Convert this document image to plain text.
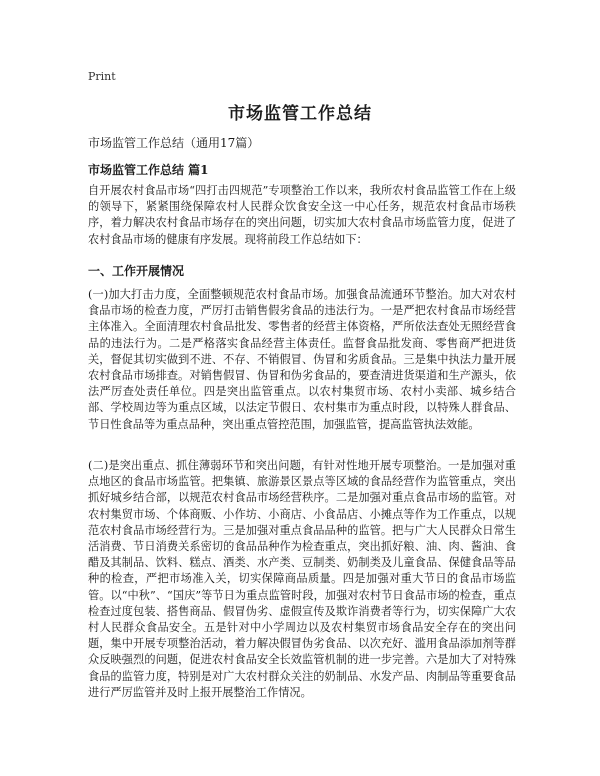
Print
市场监管工作总结
市场监管工作总结（通用17篇）
市场监管工作总结 篇1
自开展农村食品市场“四打击四规范”专项整治工作以来，我所农村食品监管工作在上级的领导下，紧紧围绕保障农村人民群众饮食安全这一中心任务，规范农村食品市场秩序，着力解决农村食品市场存在的突出问题，切实加大农村食品市场监管力度，促进了农村食品市场的健康有序发展。现将前段工作总结如下：
一、工作开展情况
(一)加大打击力度，全面整顿规范农村食品市场。加强食品流通环节整治。加大对农村食品市场的检查力度，严厉打击销售假劣食品的违法行为。一是严把农村食品市场经营主体准入。全面清理农村食品批发、零售者的经营主体资格，严所依法查处无照经营食品的违法行为。二是严格落实食品经营主体责任。监督食品批发商、零售商严把进货关，督促其切实做到不进、不存、不销假冒、伪冒和劣质食品。三是集中执法力量开展农村食品市场排查。对销售假冒、伪冒和伪劣食品的，要查清进货渠道和生产源头，依法严厉查处责任单位。四是突出监管重点。以农村集贸市场、农村小卖部、城乡结合部、学校周边等为重点区域，以法定节假日、农村集市为重点时段，以特殊人群食品、节日性食品等为重点品种，突出重点管控范围，加强监管，提高监管执法效能。
(二)是突出重点、抓住薄弱环节和突出问题，有针对性地开展专项整治。一是加强对重点地区的食品市场监管。把集镇、旅游景区景点等区域的食品经营作为监管重点，突出抓好城乡结合部，以规范农村食品市场经营秩序。二是加强对重点食品市场的监管。对农村集贸市场、个体商贩、小作坊、小商店、小食品店、小摊点等作为工作重点，以规范农村食品市场经营行为。三是加强对重点食品品种的监管。把与广大人民群众日常生活消费、节日消费关系密切的食品品种作为检查重点，突出抓好粮、油、肉、酱油、食醋及其制品、饮料、糕点、酒类、水产类、豆制类、奶制类及儿童食品、保健食品等品种的检查，严把市场准入关，切实保障商品质量。四是加强对重大节日的食品市场监管。以“中秋”、“国庆”等节日为重点监管时段，加强对农村节日食品市场的检查，重点检查过度包装、搭售商品、假冒伪劣、虚假宣传及欺诈消费者等行为，切实保障广大农村人民群众食品安全。五是针对中小学周边以及农村集贸市场食品安全存在的突出问题，集中开展专项整治活动，着力解决假冒伪劣食品、以次充好、滥用食品添加剂等群众反映强烈的问题，促进农村食品安全长效监管机制的进一步完善。六是加大了对特殊食品的监管力度，特别是对广大农村群众关注的奶制品、水发产品、肉制品等重要食品进行严厉监管并及时上报开展整治工作情况。
